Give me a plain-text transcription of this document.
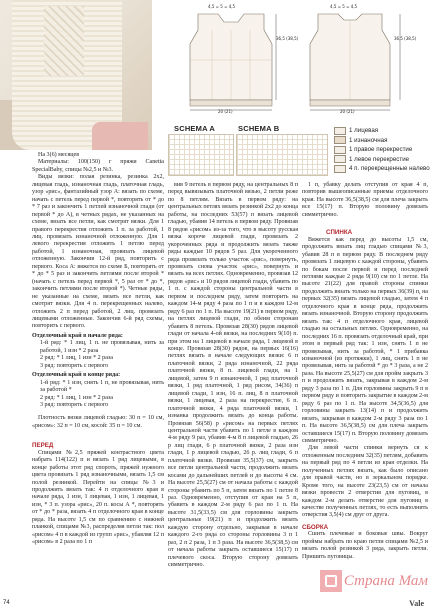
4,5 = 5 = 4,5	4,5 = 5 = 4,5
20 (21)	20 (21)
36,5 (38,5)	36,5 (38,5)
SCHEMA A	SCHEMA B	1 лицевая
1 изнаночная
1 правое перекрестие
1 левое перекрестие
4 п. перекрещенные налево

На 3(6) месяцев

Материалы: 100(150) г пряжи Canetta SpecialBaby, спицы №2,5 и №3.

Виды вязки: полая резинка, резинка 2x2, лицевая гладь, изнаночная гладь, платочная гладь, узор «рис», фантазийный узор А: вязать по схеме, начать с петель перед первой *, повторять от * до * 7 раз и закончить 1 петлей изнаночной глади (от первой * до А), в четных рядах, не указанных на схеме, вязать все петли, как смотрят вязки. Для 1 правого перекрестия отложить 1 п. за работой, 1 лиц. провязать изнаночной отложенную. Для 1 левого перекрестия отложить 1 петлю перед работой, 1 изнаночная, провязать лицевой отложенную. Закончив 12-й ряд, повторить с первого. Коса А: вяжется по схеме Б, повторять от * до * 5 раз и закончить петлями после второй * (начать с петель перед первой *, 5 раз от * до *, закончить петлями после второй *). Четные ряды, не указанные на схеме, вязать все петли, как смотрят вязки. Для 4 п. перекрещенных налево, отложить 2 п перед работой, 2 лиц. провязать лицевыми отложенные. Закончив 6-й ряд схемы, повторить с первого.

Отделочный край в начале ряда:

1-й ряд: * 1 лиц, 1 п. не провязывая, нить за работой, 1 изн * 2 раза

2 ряд: * 1 лиц, 1 изн * 2 раза

3 ряд: повторять с первого

Отделочный край в конце ряда:

1-й ряд: * 1 изн, снять 1 п, не провязывая, нить за работой *

2 ряд: * 1 лиц, 1 изн * 2 раза

3 ряд: повторять с первого

Плотность вязки лицевой гладью: 30 п = 10 см, «рисом»: 32 п = 10 см, косой: 35 п = 10 см.

ПЕРЕД

Спицами №2,5 пряжей контрастного цвета набрать 114(122) п и вязать 1 ряд лицевыми, в конце работы этот ряд спороть, пряжей нужного цвета провязать 1 ряд изнаночными, вязать 1,5 см полой резинкой. Перейти на спицы №3 и продолжить вязать так: 4 п отделочного края в начале ряда, 1 изн, 1 лицевая, 1 изн, 1 лицевая, 1 изн, * 3 п. узора «рис», 20 п. косы А *, повторять от * до * раза, вязать 4 п отделочного края в конце ряда. На высоте 1,5 см по сравнению с нижней планкой, спицами №3, распределяя петли так: пол «рисом» 4 п в каждой из групп «рис», убавляя 12 п «рисом» в 2 раза по 1 п

вив 9 петель в первом ряду, на центральных 8 п перед вывязывать платочной вязью, 2 петли реже по 8 петлям. Вязать в первом ряду: на центральных петлях вязать резинкой 2x2 до конца работы, на последних 53(57) п вязать лицевой гладью, убавив 14 петель в первом ряду. Провязав 8 рядов «рисом» из-за того, что в высоту русская вязка короче лицевой глади, провязать 2 укороченных ряда и продолжить вязать также ряды каждые 10 рядов 5 раз. Для укороченного ряда провязать только участок «рис», повернуть, провязать снова участок «рис», повернуть и вязать на всех петлях. Одновременно, провязав 12 рядов «рис» и 10 рядов лицевой глади, убавить по 1 п. с каждой стороны центральной части в первом и последнем ряду, затем повторить на каждом 14-м ряду 4 раза по 1 п и в каждом 12-м ряду 6 раз по 1 п. На высоте 19(21) в первом ряду, на петлях лицевой глади, по обеим сторонам убавить 8 петель. Провязав 28(30) рядов лицевой глади от начала 4-ой вязки, на последних 9(10) п. при этом на 1 лицевой в начале ряда, 1 лицевой в конце. Провязав 28(30) рядов, на первых 16(16) петлях вязать в начале следующих вязки: 6 п платочной вязки, 2 ряда изнаночной, 22 ряда платочной вязки, 8 п. лицевой глади, на 1 лицевой, затем 9 п изнаночной, 1 ряд платочной вязки, 1 ряд платочной, 1 ряд рисом, 34(36) п лицевой глади, 1 изн, 16 п. лиц, 8 п платочной вязки, 1 лицевая, 2 раза на перекрестие, 6 п. платочной вязки, 4 ряда платочной вязки, 1 изнанка продолжить вязать до конца работы. Провязав 56(58) р «рисом» на первых петлях центральной части убавить по 1 петле в каждом 4-м ряду 9 раз, убавив 4-м 8 п лицевой гладью, 26 р лиц глади, 6 р платочной вязки, 2 раза изн глади, 1 р лицевой гладью, 26 р. лиц глади, 6 п платочной вязки. Провязав 35,5(37) см, закрыть все петли центральной части, продолжить вязать косами до дальнейших петлей и до высоты 4 см. На высоте 25,5(27) см от начала работы с каждой стороны убавить по 5 п, затем вязать по 1 петле 8 раз. Одновременно, отступив от края на 5 п, убавить в каждом 2-м ряду 6 раз по 1 п. На высоте 31,5(33,5) см для горловины закрыть центральные 19(21) п и продолжить вязать каждую сторону отдельно, закрывая в начале каждого 2-го ряда со стороны горловины 3 п 1 раз, 2 п 2 раза, 1 п 3 раза. На высоте 36,5(38,5) см от начала работы закрыть оставшиеся 15(17) п плечевого скоса. Вторую сторону довязать симметрично.

1 п, убавку делать отступив от края 4 п, повторив вышеописанные приемы отделочного края. На высоте 36,5(38,5) см для плеча закрыть все 15(17) п. Вторую половину довязать симметрично.

СПИНКА

Вяжется как перед до высоты 1,5 см, продолжить вязать лиц гладью спицами №3, убавив 28 п в первом ряду. В последнем ряду провязать 1 лицевую с каждой стороны, убавить по бокам после первой и перед последней петлями каждые 2 ряда 9(10) см по 1 петле. На высоте 21(22) для правой стороны спинки продолжить вязать только на первых 36(39) п, на первых 32(35) вязать лицевой гладью, затем 4 п отделочного края в конце ряда, продолжить вязать изнаночной. Вторую сторону продолжить вязать так: 4 п отделочного края, лицевой гладью на остальных петлях. Одновременно, на последних 16 п. провязать отделочный край, при этом в первый ряд так: 1 изн, снять 1 п не провязывая, нить за работой, * 1 прибавка изнаночной (из протяжки), 1 лиц, снять 1 п не провязывая, нить за работой * до * 3 раза, а не 2 раза. На высоте 25,5(27) см для пройм закрыть 3 п и продолжить вязать, закрывая в каждом 2-м ряду 3 раза по 1 п. Для горловины закрыть 9 п в первом ряду и повторить закрытие в каждом 2-м ряду 6 раз по 1 п. На высоте 34,5(36,5) для горловины закрыть 13(14) п и продолжить вязать, закрывая в каждом 2-м ряду 3 раза по 1 п. На высоте 36,5(38,5) см для плеча закрыть оставшиеся 15(17) п. Вторую половину довязать симметрично.

Для левой части спинки вернуть ся к отложенным последним 32(35) петлям, добавить на первый ряд по 4 петли из края отделки. На полученных петлях вязать, как было описано для правой части, но в зеркальном порядке. Кроме того, на высоте 23(23,5) см от начала вязки провести 2 отверстия для пуговиц, в каждом 2-м делать отверстие для пуговиц в качестве полученных петлях, то есть выполнить отверстия 3,5(4) см друг от друга.

СБОРКА

Сшить плечевые и боковые швы. Вокруг проймы набрать по краю петли спицами №2,5 и вязать полой резинкой 3 ряда, закрыть петли. Пришить пуговицы.

74
Страна Мам
Vale
